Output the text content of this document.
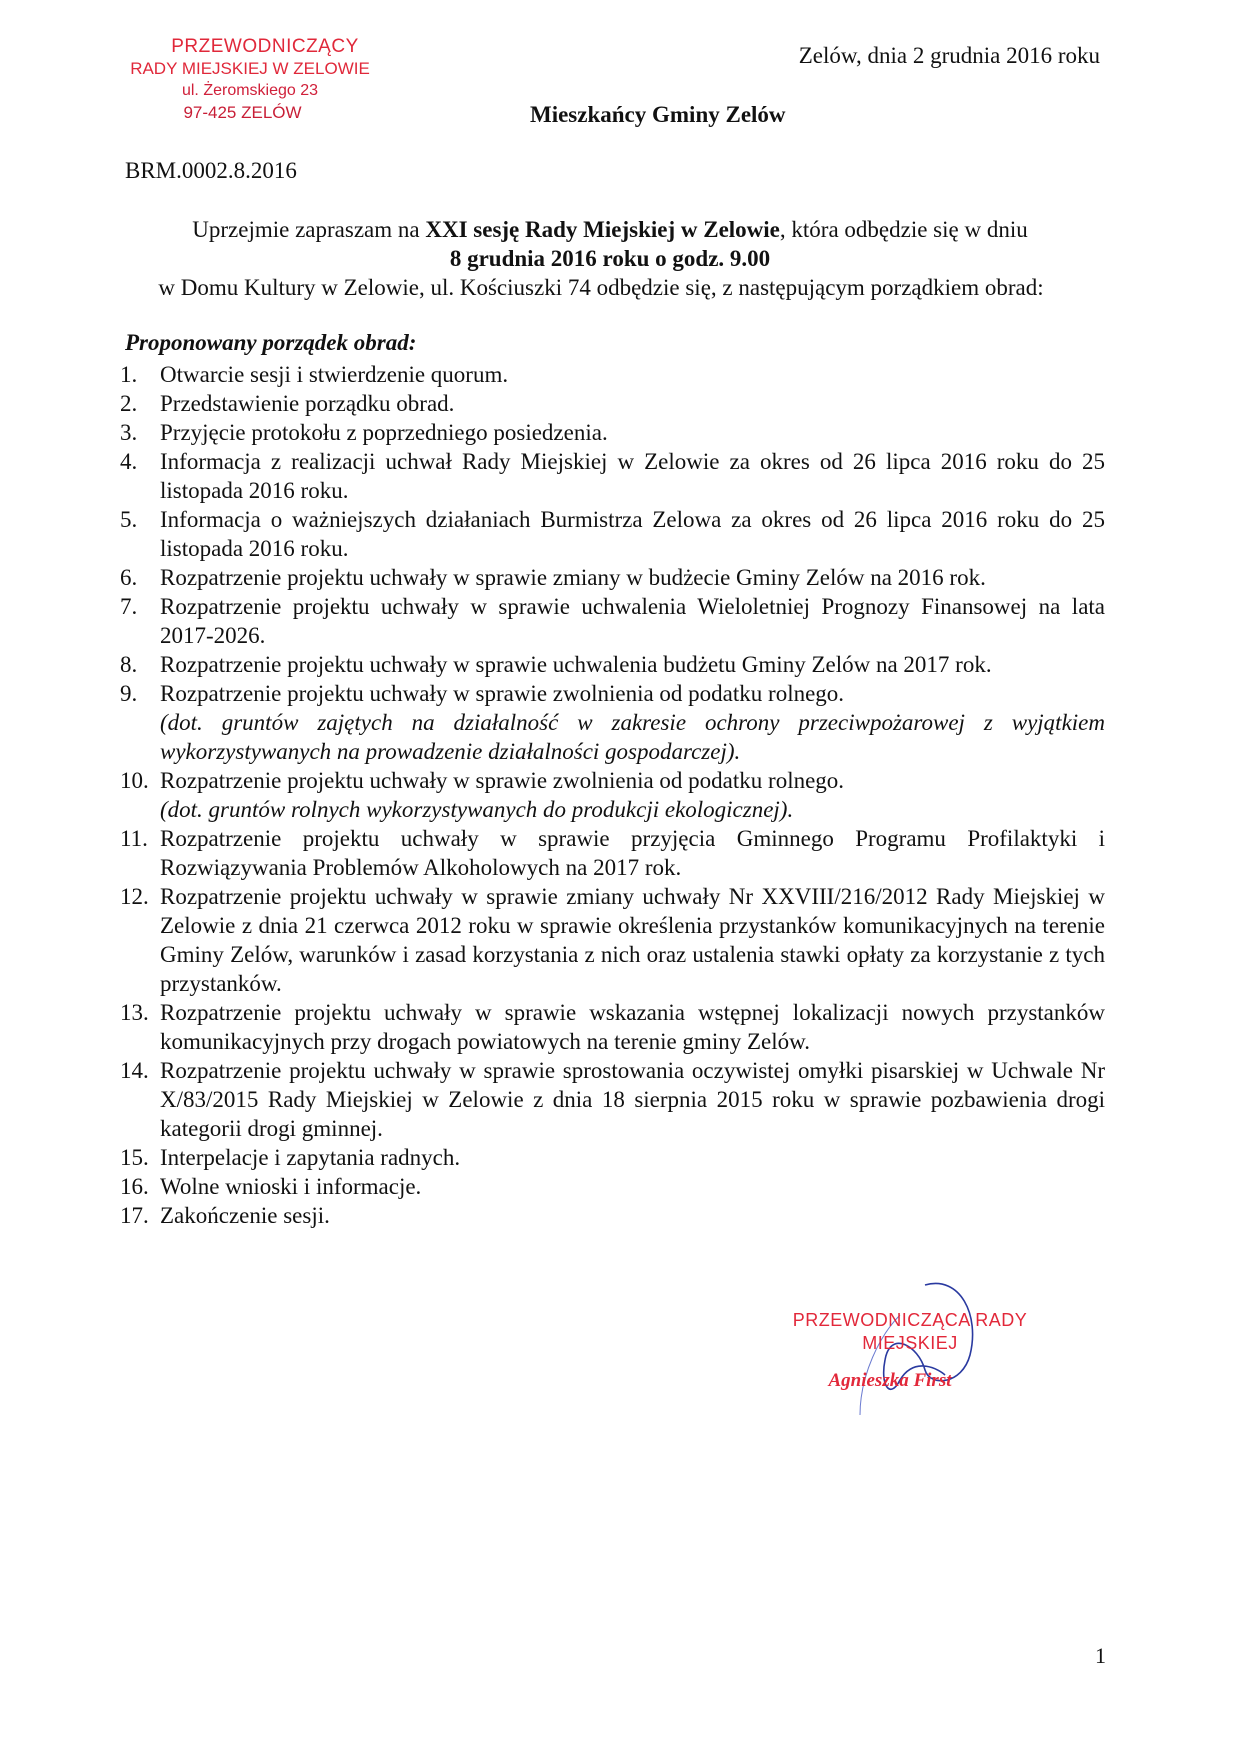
PRZEWODNICZĄCY
RADY MIEJSKIEJ W ZELOWIE
ul. Żeromskiego 23
97-425 ZELÓW
Zelów, dnia 2 grudnia 2016 roku
Mieszkańcy Gminy Zelów
BRM.0002.8.2016
Uprzejmie zapraszam na XXI sesję Rady Miejskiej w Zelowie, która odbędzie się w dniu
8 grudnia 2016 roku o godz. 9.00
w Domu Kultury w Zelowie, ul. Kościuszki 74 odbędzie się, z następującym porządkiem obrad:
Proponowany porządek obrad:
1. Otwarcie sesji i stwierdzenie quorum.
2. Przedstawienie porządku obrad.
3. Przyjęcie protokołu z poprzedniego posiedzenia.
4. Informacja z realizacji uchwał Rady Miejskiej w Zelowie za okres od 26 lipca 2016 roku do 25 listopada 2016 roku.
5. Informacja o ważniejszych działaniach Burmistrza Zelowa za okres od 26 lipca 2016 roku do 25 listopada 2016 roku.
6. Rozpatrzenie projektu uchwały w sprawie zmiany w budżecie Gminy Zelów na 2016 rok.
7. Rozpatrzenie projektu uchwały w sprawie uchwalenia Wieloletniej Prognozy Finansowej na lata 2017-2026.
8. Rozpatrzenie projektu uchwały w sprawie uchwalenia budżetu Gminy Zelów na 2017 rok.
9. Rozpatrzenie projektu uchwały w sprawie zwolnienia od podatku rolnego.
(dot. gruntów zajętych na działalność w zakresie ochrony przeciwpożarowej z wyjątkiem wykorzystywanych na prowadzenie działalności gospodarczej).
10. Rozpatrzenie projektu uchwały w sprawie zwolnienia od podatku rolnego.
(dot. gruntów rolnych wykorzystywanych do produkcji ekologicznej).
11. Rozpatrzenie projektu uchwały w sprawie przyjęcia Gminnego Programu Profilaktyki i Rozwiązywania Problemów Alkoholowych na 2017 rok.
12. Rozpatrzenie projektu uchwały w sprawie zmiany uchwały Nr XXVIII/216/2012 Rady Miejskiej w Zelowie z dnia 21 czerwca 2012 roku w sprawie określenia przystanków komunikacyjnych na terenie Gminy Zelów, warunków i zasad korzystania z nich oraz ustalenia stawki opłaty za korzystanie z tych przystanków.
13. Rozpatrzenie projektu uchwały w sprawie wskazania wstępnej lokalizacji nowych przystanków komunikacyjnych przy drogach powiatowych na terenie gminy Zelów.
14. Rozpatrzenie projektu uchwały w sprawie sprostowania oczywistej omyłki pisarskiej w Uchwale Nr X/83/2015 Rady Miejskiej w Zelowie z dnia 18 sierpnia 2015 roku w sprawie pozbawienia drogi kategorii drogi gminnej.
15. Interpelacje i zapytania radnych.
16. Wolne wnioski i informacje.
17. Zakończenie sesji.
PRZEWODNICZĄCA RADY
MIEJSKIEJ
Agnieszka First
1
